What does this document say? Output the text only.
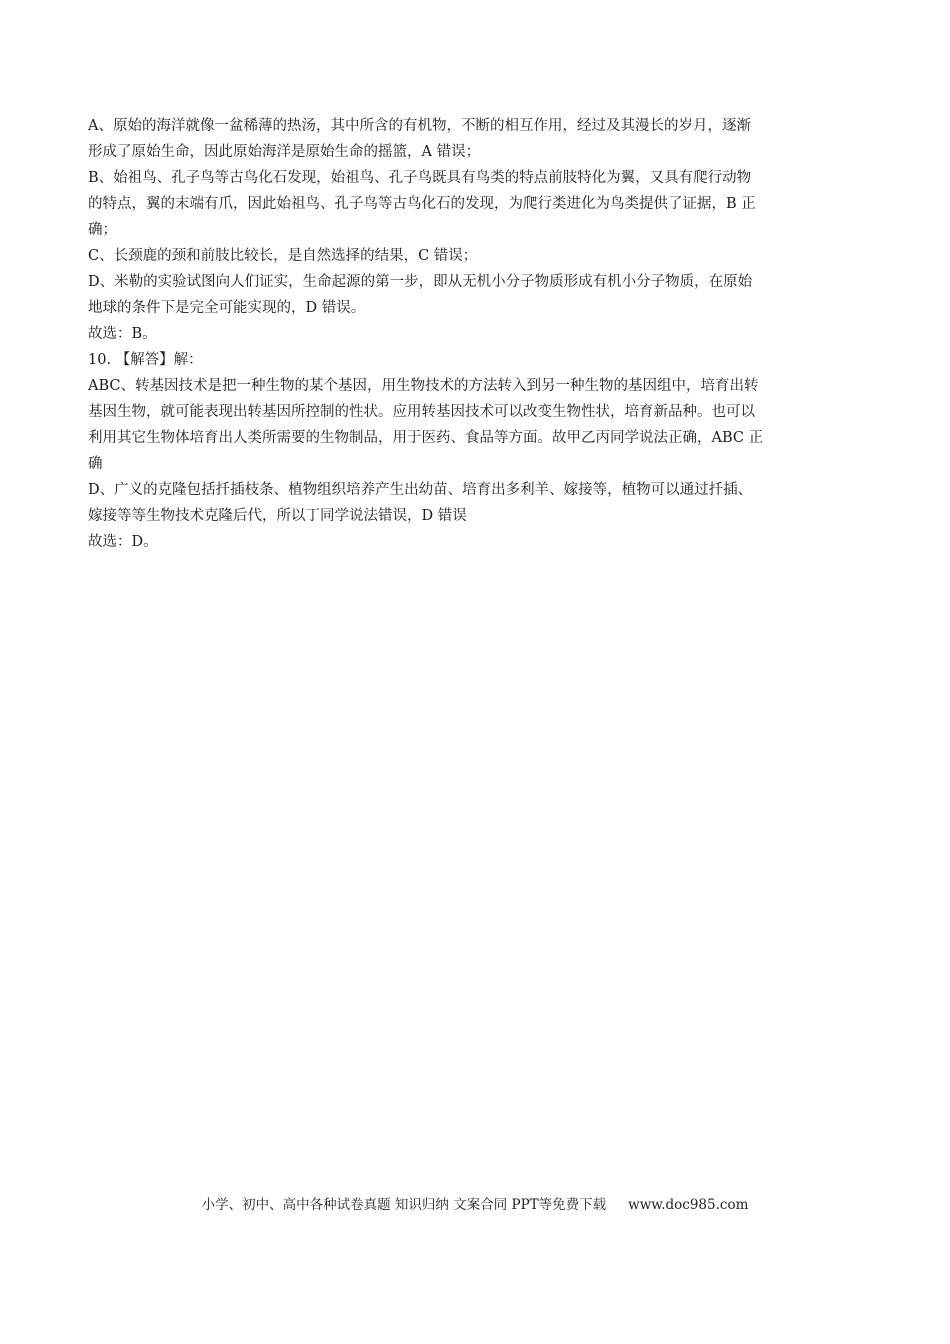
A、原始的海洋就像一盆稀薄的热汤，其中所含的有机物，不断的相互作用，经过及其漫长的岁月，逐渐
形成了原始生命，因此原始海洋是原始生命的摇篮，A 错误；
B、始祖鸟、孔子鸟等古鸟化石发现，始祖鸟、孔子鸟既具有鸟类的特点前肢特化为翼，又具有爬行动物
的特点，翼的末端有爪，因此始祖鸟、孔子鸟等古鸟化石的发现，为爬行类进化为鸟类提供了证据，B 正
确；
C、长颈鹿的颈和前肢比较长，是自然选择的结果，C 错误；
D、米勒的实验试图向人们证实，生命起源的第一步，即从无机小分子物质形成有机小分子物质，在原始
地球的条件下是完全可能实现的，D 错误。
故选：B。
10. 【解答】解：
ABC、转基因技术是把一种生物的某个基因，用生物技术的方法转入到另一种生物的基因组中，培育出转
基因生物，就可能表现出转基因所控制的性状。应用转基因技术可以改变生物性状，培育新品种。也可以
利用其它生物体培育出人类所需要的生物制品，用于医药、食品等方面。故甲乙丙同学说法正确，ABC 正
确
D、广义的克隆包括扦插枝条、植物组织培养产生出幼苗、培育出多利羊、嫁接等，植物可以通过扦插、
嫁接等等生物技术克隆后代，所以丁同学说法错误，D 错误
故选：D。
小学、初中、高中各种试卷真题 知识归纳 文案合同 PPT等免费下载 www.doc985.com
